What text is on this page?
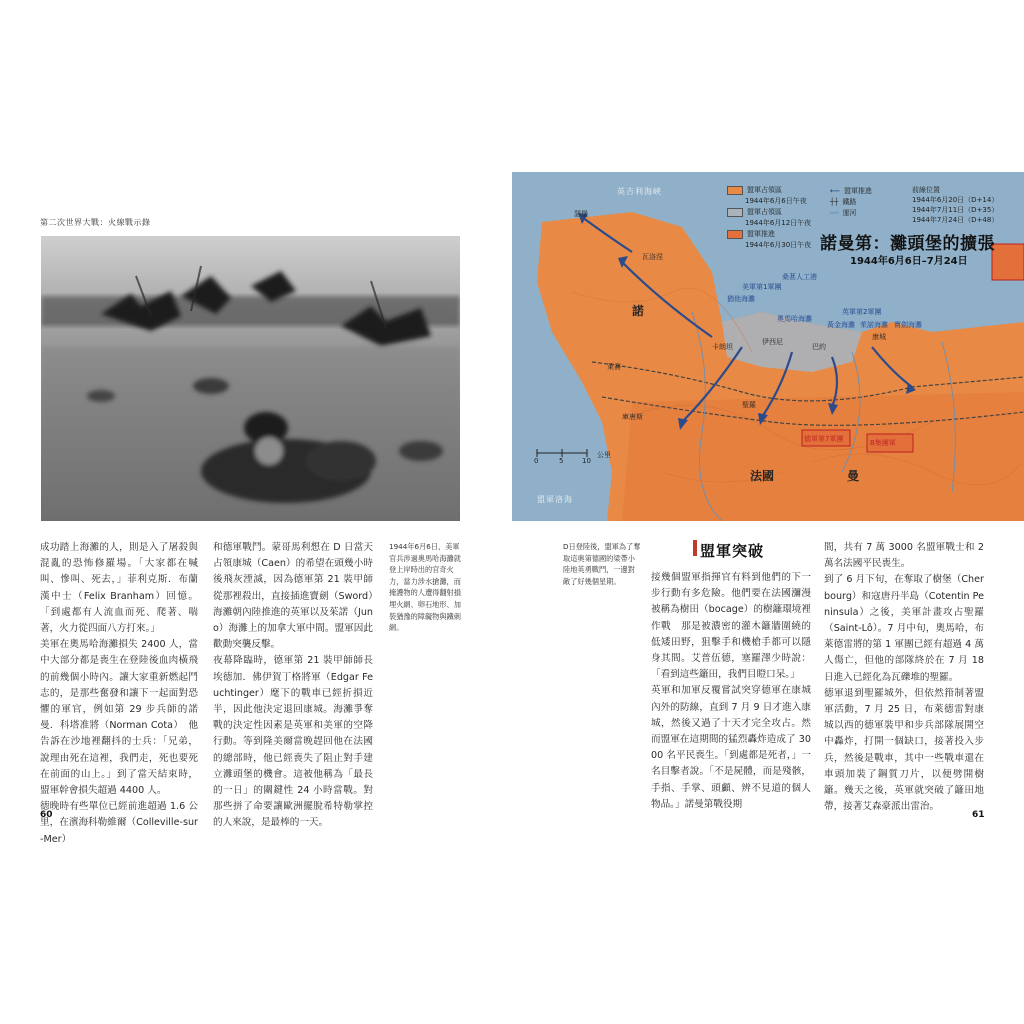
第二次世界大戰：火線戰示錄

成功踏上海灘的人，則是入了屠殺與混亂的恐怖修羅場。「大家都在喊叫、慘叫、死去，」菲利克斯．布蘭漢中士（Felix Branham）回憶。「到處都有人流血而死、爬著、喘著，火力從四面八方打來。」

美軍在奧馬哈海灘損失 2400 人，當中大部分都是喪生在登陸後血肉橫飛的前幾個小時內。讓大家重新燃起鬥志的，是那些奮發和讓下一起面對恐懼的軍官，例如第 29 步兵師的諾曼．科塔准將（Norman Cota）　他告訴在沙地裡翻抖的士兵：「兄弟，說理由死在這裡，我們走，死也要死在前面的山上。」到了當天結束時，盟軍幹會損失超過 4400 人。

德晚時有些單位已經前進超過 1.6 公里，在濱海科勒維爾（Colleville-sur-Mer）

和德軍戰鬥。蒙哥馬利想在 D 日當天占領康城（Caen）的希望在頭幾小時後飛灰湮滅，因為德軍第 21 裝甲師從那裡殺出，直接插進寶劍（Sword）海灘朝內陸推進的英軍以及茱諾（Juno）海灘上的加拿大軍中間。盟軍因此歡動突襲反擊。

夜幕降臨時，德軍第 21 裝甲師師長埃德加．佛伊賀丁格將軍（Edgar Feuchtinger）麾下的戰車已經折損近半，因此他決定退回康城。海灘爭奪戰的決定性因素是英軍和美軍的空降行動。等到隆美爾當晚趕回他在法國的總部時，他已經喪失了阻止對手建立灘頭堡的機會。這被他稱為「最長的一日」的關鍵性 24 小時當戰。對那些拼了命要讓歐洲擺脫希特勒掌控的人來說，是最棒的一天。

1944年6月6日，美軍官兵涉過奧馬哈海灘就登上岸時出的官奇火力，當力涉水搶灘，而掩護物的人遭得翻射損埋火網、卵石地形、加裝猶豫的障礙物與鐵刺網。
60
諾曼第：灘頭堡的擴張
1944年6月6日–7月24日
盟軍占領區
1944年6月6日午夜
盟軍占領區
1944年6月12日午夜
盟軍推進
1944年6月30日午夜
⟵ 盟軍推進
┼┼ 鐵路
══ 運河
前線位置
1944年6月20日（D+14）
1944年7月11日（D+35）
1944年7月24日（D+48）
英吉利海峽
盟軍洛海
法國	曼
諾
瑟堡
康城
聖羅
巴約
卡朗坦
瓦洛涅
庫唐斯
萊賽
伊西尼
美軍第1軍團
英軍第2軍團
德軍第7軍團	B集團軍
桑葚人工港
奧馬哈海灘
猶他海灘
黃金海灘 茱諾海灘 寶劍海灘
0	5	10
公里
D日登陸後，盟軍為了奪取這奧第德國的梁帶小陸地英勇戰鬥，一邊對敵了好幾個星期。
盟軍突破

接幾個盟軍指揮官有料到他們的下一步行動有多危險。他們要在法國瀰漫被稱為樹田（bocage）的樹籬環境裡作戰　那是被濃密的灌木籬牆圍繞的低矮田野，狙擊手和機槍手都可以隱身其間。艾普伍德，塞羅澤少時說：「看到這些籬田，我們目瞪口呆。」

英軍和加軍反覆嘗試突穿德軍在康城內外的防線，直到 7 月 9 日才進入康城，然後又過了十天才完全攻占。然而盟軍在這期間的猛烈轟炸造成了 3000 名平民喪生。「到處都是死者，」一名目擊者說。「不是屍體，而是殘骸，手指、手掌、頭顱、辨不見道的個人物品。」諾曼第戰役期

間，共有 7 萬 3000 名盟軍戰士和 2 萬名法國平民喪生。

到了 6 月下旬，在奪取了樹堡（Cherbourg）和寇唐丹半島（Cotentin Peninsula）之後，美軍計畫攻占聖羅（Saint-Lô）。7 月中旬，奧馬哈，布萊德雷將的第 1 軍團已經有超過 4 萬人傷亡，但他的部隊終於在 7 月 18 日進入已經化為瓦礫堆的聖羅。

德軍退到聖羅城外，但依然箝制著盟軍活動，7 月 25 日，布萊德雷對康城以西的德軍裝甲和步兵部隊展開空中轟炸，打開一個缺口，接著投入步兵，然後是戰車，其中一些戰車還在車頭加裝了鋼質刀片，以便劈開樹籬。幾天之後，英軍就突破了籬田地帶，接著艾森豪派出雷治。

61
